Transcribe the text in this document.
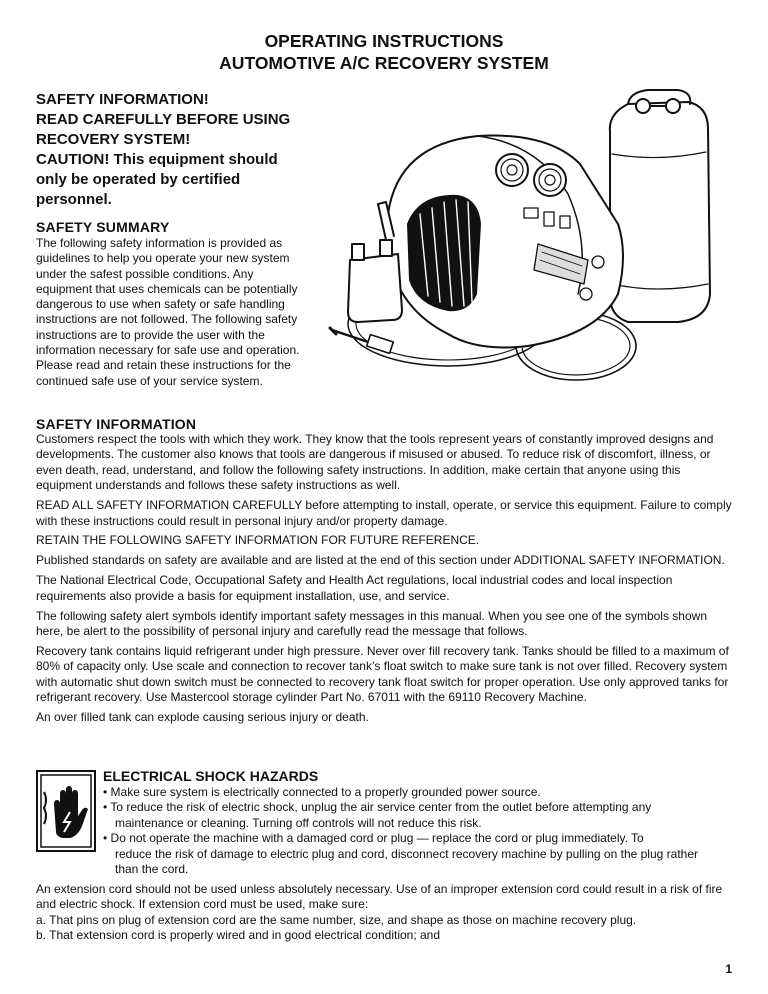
OPERATING INSTRUCTIONS
AUTOMOTIVE A/C RECOVERY SYSTEM
SAFETY INFORMATION!
READ CAREFULLY BEFORE USING
RECOVERY SYSTEM!
CAUTION! This equipment should only be operated by certified personnel.
SAFETY SUMMARY
The following safety information is provided as guidelines to help you operate your new system under the safest possible conditions. Any equipment that uses chemicals can be potentially dangerous to use when safety or safe handling instructions are not followed. The following safety instructions are to provide the user with the information necessary for safe use and operation. Please read and retain these instructions for the continued safe use of your service system.
SAFETY INFORMATION

Customers respect the tools with which they work. They know that the tools represent years of constantly improved designs and developments. The customer also knows that tools are dangerous if misused or abused. To reduce risk of discomfort, illness, or even death, read, understand, and follow the following safety instructions. In addition, make certain that anyone using this equipment understands and follows these safety instructions as well.

READ ALL SAFETY INFORMATION CAREFULLY before attempting to install, operate, or service this equipment. Failure to comply with these instructions could result in personal injury and/or property damage.

RETAIN THE FOLLOWING SAFETY INFORMATION FOR FUTURE REFERENCE.

Published standards on safety are available and are listed at the end of this section under ADDITIONAL SAFETY INFORMATION.

The National Electrical Code, Occupational Safety and Health Act regulations, local industrial codes and local inspection requirements also provide a basis for equipment installation, use, and service.

The following safety alert symbols identify important safety messages in this manual. When you see one of the symbols shown here, be alert to the possibility of personal injury and carefully read the message that follows.

Recovery tank contains liquid refrigerant under high pressure. Never over fill recovery tank. Tanks should be filled to a maximum of 80% of capacity only. Use scale and connection to recover tank’s float switch to make sure tank is not over filled. Recovery system with automatic shut down switch must be connected to recovery tank float switch for proper operation. Use only approved tanks for refrigerant recovery. Use Mastercool storage cylinder Part No. 67011 with the 69110 Recovery Machine.

An over filled tank can explode causing serious injury or death.

ELECTRICAL SHOCK HAZARDS
• Make sure system is electrically connected to a properly grounded power source.
• To reduce the risk of electric shock, unplug the air service center from the outlet before attempting any
maintenance or cleaning. Turning off controls will not reduce this risk.
• Do not operate the machine with a damaged cord or plug — replace the cord or plug immediately. To
reduce the risk of damage to electric plug and cord, disconnect recovery machine by pulling on the plug rather than the cord.

An extension cord should not be used unless absolutely necessary. Use of an improper extension cord could result in a risk of fire and electric shock. If extension cord must be used, make sure:

a. That pins on plug of extension cord are the same number, size, and shape as those on machine recovery plug.

b. That extension cord is properly wired and in good electrical condition; and

1
